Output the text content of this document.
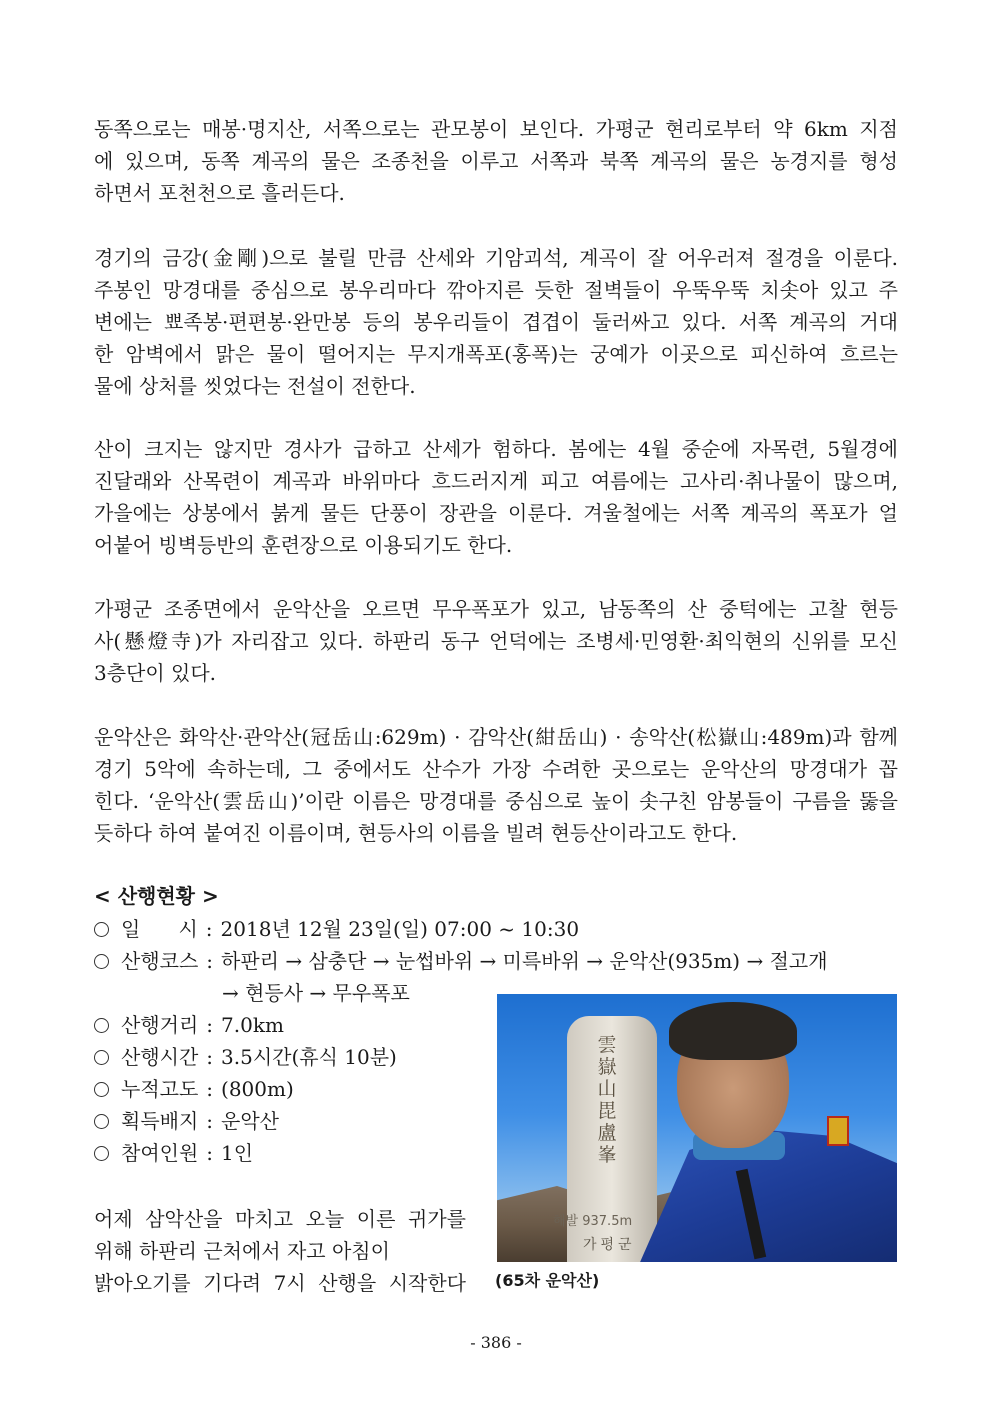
동쪽으로는 매봉·명지산, 서쪽으로는 관모봉이 보인다. 가평군 현리로부터 약 6km 지점
에 있으며, 동쪽 계곡의 물은 조종천을 이루고 서쪽과 북쪽 계곡의 물은 농경지를 형성
하면서 포천천으로 흘러든다.
경기의 금강(金剛)으로 불릴 만큼 산세와 기암괴석, 계곡이 잘 어우러져 절경을 이룬다.
주봉인 망경대를 중심으로 봉우리마다 깎아지른 듯한 절벽들이 우뚝우뚝 치솟아 있고 주
변에는 뾰족봉·편편봉·완만봉 등의 봉우리들이 겹겹이 둘러싸고 있다. 서쪽 계곡의 거대
한 암벽에서 맑은 물이 떨어지는 무지개폭포(홍폭)는 궁예가 이곳으로 피신하여 흐르는
물에 상처를 씻었다는 전설이 전한다.
산이 크지는 않지만 경사가 급하고 산세가 험하다. 봄에는 4월 중순에 자목련, 5월경에
진달래와 산목련이 계곡과 바위마다 흐드러지게 피고 여름에는 고사리·취나물이 많으며,
가을에는 상봉에서 붉게 물든 단풍이 장관을 이룬다. 겨울철에는 서쪽 계곡의 폭포가 얼
어붙어 빙벽등반의 훈련장으로 이용되기도 한다.
가평군 조종면에서 운악산을 오르면 무우폭포가 있고, 남동쪽의 산 중턱에는 고찰 현등
사(懸燈寺)가 자리잡고 있다. 하판리 동구 언덕에는 조병세·민영환·최익현의 신위를 모신
3층단이 있다.
운악산은 화악산·관악산(冠岳山:629m) · 감악산(紺岳山) · 송악산(松嶽山:489m)과 함께
경기 5악에 속하는데, 그 중에서도 산수가 가장 수려한 곳으로는 운악산의 망경대가 꼽
힌다. ‘운악산(雲岳山)’이란 이름은 망경대를 중심으로 높이 솟구친 암봉들이 구름을 뚫을
듯하다 하여 붙여진 이름이며, 현등사의 이름을 빌려 현등산이라고도 한다.
< 산행현황 >
일      시 : 2018년 12월 23일(일) 07:00 ~ 10:30
산행코스 : 하판리 → 삼충단 → 눈썹바위 → 미륵바위 → 운악산(935m) → 절고개
→ 현등사 → 무우폭포
산행거리 : 7.0km
산행시간 : 3.5시간(휴식 10분)
누적고도 : (800m)
획득배지 : 운악산
참여인원 : 1인
어제 삼악산을 마치고 오늘 이른 귀가를
위해 하판리 근처에서 자고 아침이
밝아오기를 기다려 7시 산행을 시작한다
雲嶽山毘盧峯
해발 937.5m
가평군
(65차 운악산)
- 386 -
